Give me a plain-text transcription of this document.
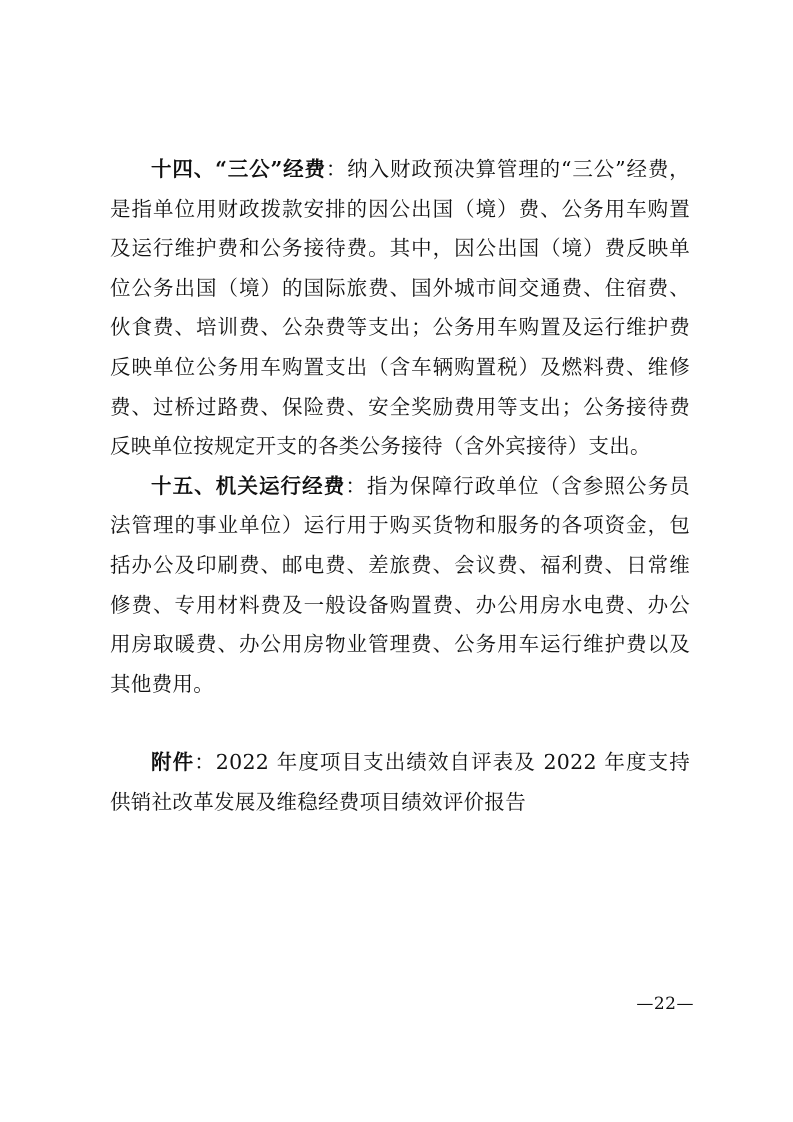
十四、“三公”经费：纳入财政预决算管理的“三公”经费，是指单位用财政拨款安排的因公出国（境）费、公务用车购置及运行维护费和公务接待费。其中，因公出国（境）费反映单位公务出国（境）的国际旅费、国外城市间交通费、住宿费、伙食费、培训费、公杂费等支出；公务用车购置及运行维护费反映单位公务用车购置支出（含车辆购置税）及燃料费、维修费、过桥过路费、保险费、安全奖励费用等支出；公务接待费反映单位按规定开支的各类公务接待（含外宾接待）支出。

十五、机关运行经费：指为保障行政单位（含参照公务员法管理的事业单位）运行用于购买货物和服务的各项资金，包括办公及印刷费、邮电费、差旅费、会议费、福利费、日常维修费、专用材料费及一般设备购置费、办公用房水电费、办公用房取暖费、办公用房物业管理费、公务用车运行维护费以及其他费用。

附件：2022 年度项目支出绩效自评表及 2022 年度支持供销社改革发展及维稳经费项目绩效评价报告

—22—
